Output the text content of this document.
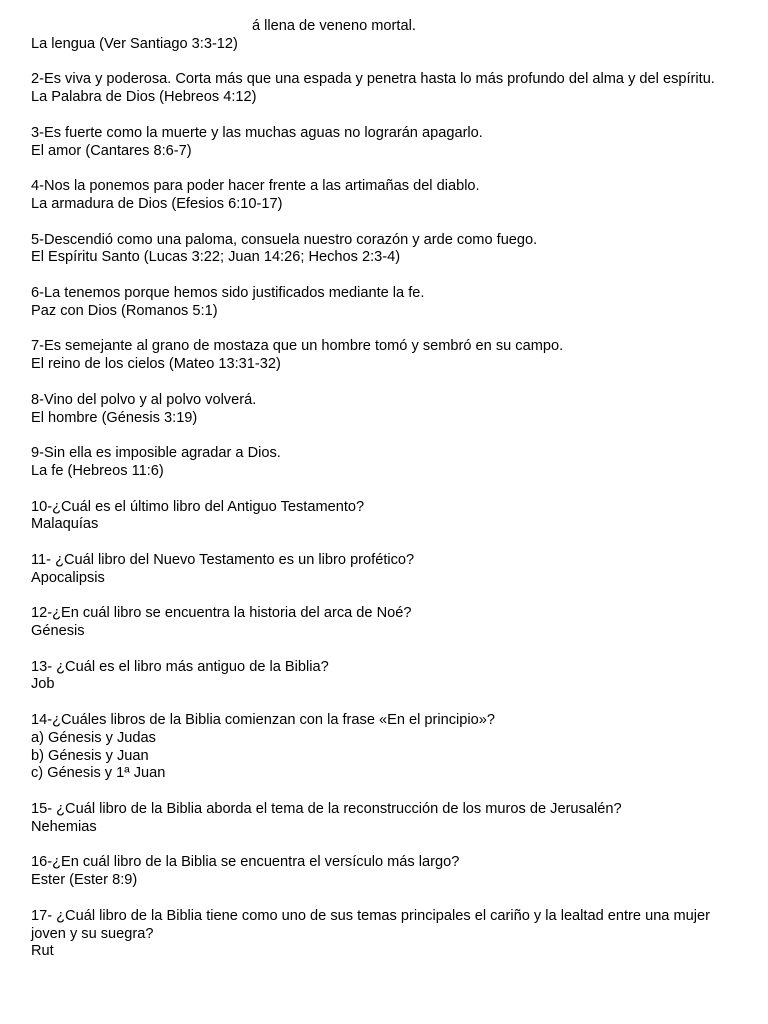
á llena de veneno mortal.
La lengua (Ver Santiago 3:3-12)
2-Es viva y poderosa. Corta más que una espada y penetra hasta lo más profundo del alma y del espíritu.
La Palabra de Dios (Hebreos 4:12)
3-Es fuerte como la muerte y las muchas aguas no lograrán apagarlo.
El amor (Cantares 8:6-7)
4-Nos la ponemos para poder hacer frente a las artimañas del diablo.
La armadura de Dios (Efesios 6:10-17)
5-Descendió como una paloma, consuela nuestro corazón y arde como fuego.
El Espíritu Santo (Lucas 3:22; Juan 14:26; Hechos 2:3-4)
6-La tenemos porque hemos sido justificados mediante la fe.
Paz con Dios (Romanos 5:1)
7-Es semejante al grano de mostaza que un hombre tomó y sembró en su campo.
El reino de los cielos (Mateo 13:31-32)
8-Vino del polvo y al polvo volverá.
El hombre (Génesis 3:19)
9-Sin ella es imposible agradar a Dios.
La fe (Hebreos 11:6)
10-¿Cuál es el último libro del Antiguo Testamento?
Malaquías
11- ¿Cuál libro del Nuevo Testamento es un libro profético?
Apocalipsis
12-¿En cuál libro se encuentra la historia del arca de Noé?
Génesis
13- ¿Cuál es el libro más antiguo de la Biblia?
Job
14-¿Cuáles libros de la Biblia comienzan con la frase «En el principio»?
a) Génesis y Judas
b) Génesis y Juan
c) Génesis y 1ª Juan
15- ¿Cuál libro de la Biblia aborda el tema de la reconstrucción de los muros de Jerusalén?
Nehemias
16-¿En cuál libro de la Biblia se encuentra el versículo más largo?
Ester (Ester 8:9)
17- ¿Cuál libro de la Biblia tiene como uno de sus temas principales el cariño y la lealtad entre una mujer joven y su suegra?
Rut
